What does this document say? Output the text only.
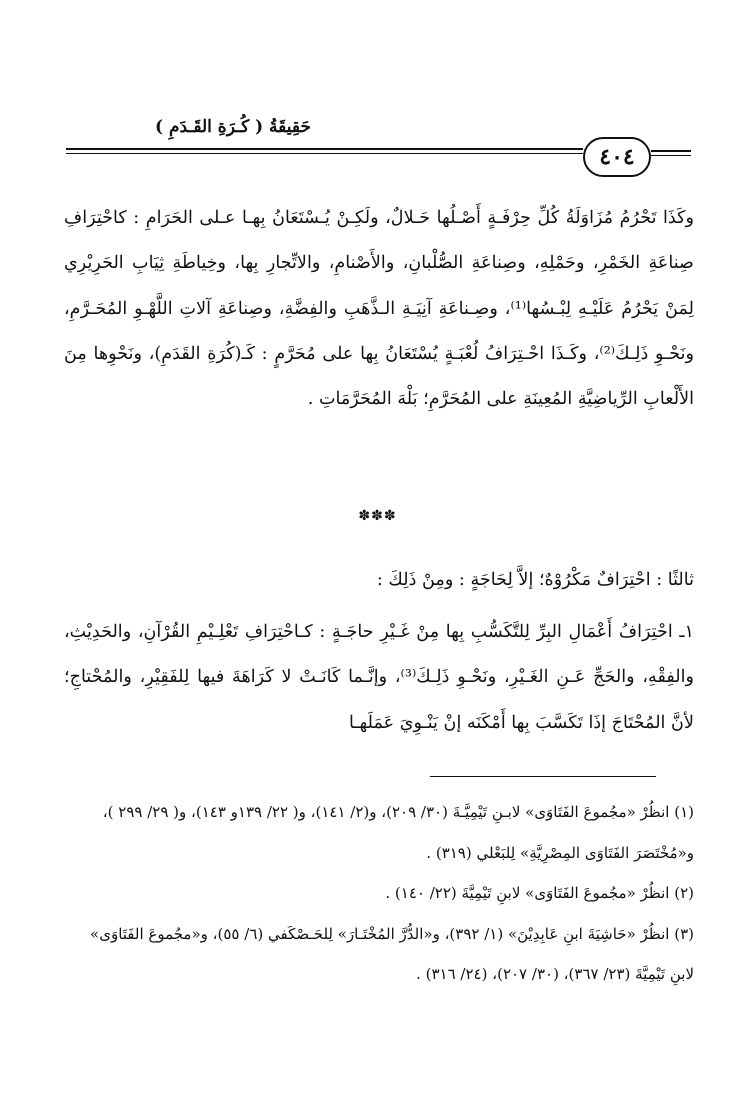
حَقِيقَةُ ( كُـرَةِ القَـدَمِ )
٤٠٤

وكَذَا تَحْرُمُ مُزَاوَلَةُ كُلِّ حِرْفَـةٍ أَصْـلُها حَـلالٌ، ولَكِـنْ يُـسْتَعَانُ بِهـا عـلى الحَرَامِ : كاحْتِرَافِ صِناعَةِ الخَمْرِ، وحَمْلِهِ، وصِناعَةِ الصُّلْبانِ، والأَصْنامِ، والاتِّجارِ بِها، وخِياطَةِ ثِيَابِ الحَرِيْرِي لِمَنْ يَحْرُمُ عَلَيْـهِ لِبْـسُها⁽¹⁾، وصِـناعَةِ آنِيَـةِ الـذَّهَبِ والفِضَّةِ، وصِناعَةِ آلاتِ اللَّهْـوِ المُحَـرَّمِ، ونَحْـوِ ذَلِـكَ⁽²⁾، وكَـذَا احْـتِرَافُ لُعْبَـةٍ يُسْتَعَانُ بِها على مُحَرَّمٍ : كَـ(كُرَةِ القَدَمِ)، ونَحْوِها مِنَ الأَلْعابِ الرِّياضِيَّةِ المُعِينَةِ على المُحَرَّمِ؛ بَلْهَ المُحَرَّمَاتِ .

✽✽✽
ثالثًا : احْتِرَافٌ مَكْرُوْهٌ؛ إلاَّ لِحَاجَةٍ : ومِنْ ذَلِكَ :

١ـ احْتِرَافُ أَعْمَالِ البِرِّ لِلتَّكَسُّبِ بِها مِنْ غَـيْرِ حاجَـةٍ : كـاحْتِرَافِ تَعْلِـيْمِ القُرْآنِ، والحَدِيْثِ، والفِقْهِ، والحَجِّ عَـنِ الغَـيْرِ، ونَحْـوِ ذَلِـكَ⁽³⁾، وإنَّـما كَانَـتْ لا كَرَاهَةَ فيها لِلفَقِيْرِ، والمُحْتاجِ؛ لأنَّ المُحْتَاجَ إذَا تَكَسَّبَ بِها أَمْكَنَه إنْ يَنْـوِيَ عَمَلَهـا

(١) انظُرْ «مجُموعَ الفَتَاوَى» لابـنِ تَيْمِيَّـةَ (٣٠/ ٢٠٩)، و(٢/ ١٤١)، و( ٢٢/ ١٣٩و ١٤٣)، و( ٢٩/ ٢٩٩ )، و«مُخْتَصَرَ الفَتَاوَى المِصْرِيَّةِ» لِلبَعْلي (٣١٩) .

(٢) انظُرْ «مجُموعَ الفَتَاوَى» لابنِ تَيْمِيَّةَ (٢٢/ ١٤٠) .

(٣) انظُرْ «حَاشِيَةَ ابنِ عَابِدِيْنَ» (١/ ٣٩٢)، و«الدُّرَّ المُخْتَـارَ» لِلحَـصْكَفي (٦/ ٥٥)، و«مجُموعَ الفَتَاوَى» لابنِ تَيْمِيَّةَ (٢٣/ ٣٦٧)، (٣٠/ ٢٠٧)، (٢٤/ ٣١٦) .
